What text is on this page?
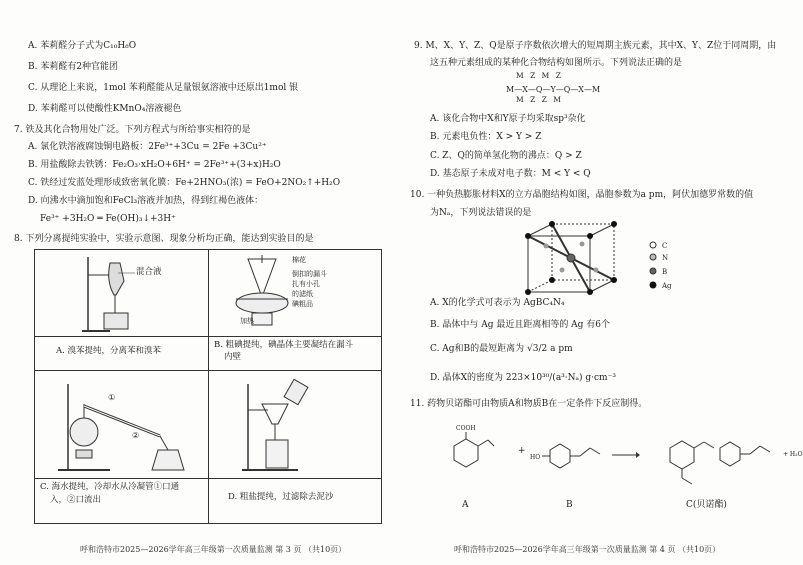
A. 苯莉醛分子式为C₁₀H₈O
B. 苯莉醛有2种官能团
C. 从理论上来说，1mol 苯莉醛能从足量银氨溶液中还原出1mol 银
D. 苯莉醛可以使酸性KMnO₄溶液褪色
7. 铁及其化合物用处广泛。下列方程式与所给事实相符的是
A. 氯化铁溶液腐蚀铜电路板：2Fe³⁺+3Cu = 2Fe +3Cu²⁺
B. 用盐酸除去铁锈：Fe₂O₃·xH₂O+6H⁺ = 2Fe³⁺+(3+x)H₂O
C. 铁经过发蓝处理形成致密氧化膜：Fe+2HNO₃(浓) = FeO+2NO₂↑+H₂O
D. 向沸水中滴加饱和FeCl₃溶液并加热，得到红褐色液体：
Fe³⁺ +3H₂O ═ Fe(OH)₃↓+3H⁺
8. 下列分离提纯实验中，实验示意图、现象分析均正确，能达到实验目的是
混合液
A. 溴苯提纯，分离苯和溴苯
棉花
倒扣的漏斗
扎有小孔
的滤纸
碘粗品
加热
B. 粗碘提纯，碘晶体主要凝结在漏斗
内壁
①
②
C. 海水提纯，冷却水从冷凝管①口通
入，②口流出	D. 粗盐提纯，过滤除去泥沙
呼和浩特市2025—2026学年高三年级第一次质量监测 第 3 页 （共10页）
9. M、X、Y、Z、Q是原子序数依次增大的短周期主族元素，其中X、Y、Z位于同周期，由
这五种元素组成的某种化合物结构如图所示。下列说法正确的是
M Z M Z
M—X—Q—Y—Q—X—M
M Z Z M
A. 该化合物中X和Y原子均采取sp³杂化
B. 元素电负性：X > Y > Z
C. Z、Q的简单氢化物的沸点：Q > Z
D. 基态原子未成对电子数：M < Y < Q
10. 一种负热膨胀材料X的立方晶胞结构如图，晶胞参数为a pm，阿伏加德罗常数的值
为Nₐ，下列说法错误的是
C
N
B
Ag
A. X的化学式可表示为 AgBC₄N₄
B. 晶体中与 Ag 最近且距离相等的 Ag 有6个
C. Ag和B的最短距离为 √3/2 a pm
D. 晶体X的密度为 223×10³⁰/(a³·Nₐ) g·cm⁻³
11. 药物贝诺酯可由物质A和物质B在一定条件下反应制得。
COOH
+
HO	+ H₂O
A	B	C(贝诺酯)
呼和浩特市2025—2026学年高三年级第一次质量监测 第 4 页 （共10页）
